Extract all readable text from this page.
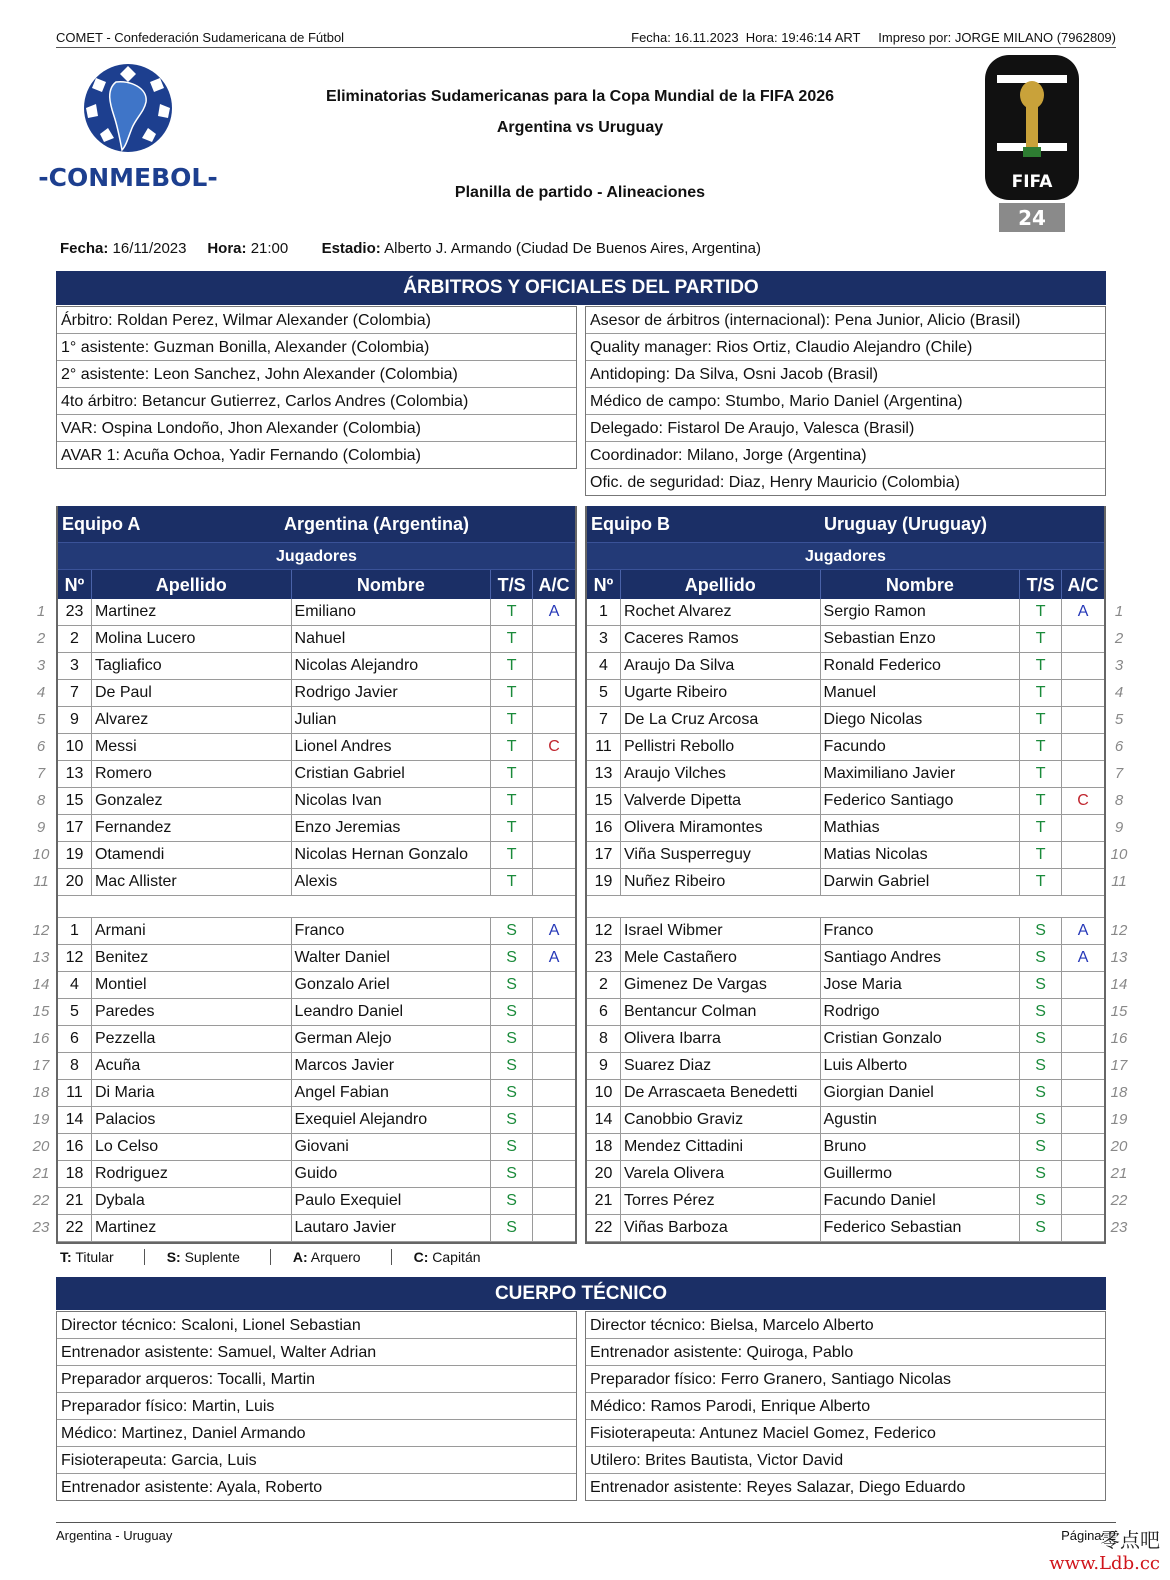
COMET - Confederación Sudamericana de Fútbol	Fecha: 16.11.2023  Hora: 19:46:14 ART     Impreso por: JORGE MILANO (7962809)
-CONMEBOL-	FIFA
24
Eliminatorias Sudamericanas para la Copa Mundial de la FIFA 2026
Argentina vs Uruguay
Planilla de partido - Alineaciones
Fecha: 16/11/2023 Hora: 21:00 Estadio: Alberto J. Armando (Ciudad De Buenos Aires, Argentina)
ÁRBITROS Y OFICIALES DEL PARTIDO
Árbitro: Roldan Perez, Wilmar Alexander (Colombia)
1° asistente: Guzman Bonilla, Alexander (Colombia)
2° asistente: Leon Sanchez, John Alexander (Colombia)
4to árbitro: Betancur Gutierrez, Carlos Andres (Colombia)
VAR: Ospina Londoño, Jhon Alexander (Colombia)
AVAR 1: Acuña Ochoa, Yadir Fernando (Colombia)
Asesor de árbitros (internacional): Pena Junior, Alicio (Brasil)
Quality manager: Rios Ortiz, Claudio Alejandro (Chile)
Antidoping: Da Silva, Osni Jacob (Brasil)
Médico de campo: Stumbo, Mario Daniel (Argentina)
Delegado: Fistarol De Araujo, Valesca (Brasil)
Coordinador: Milano, Jorge (Argentina)
Ofic. de seguridad: Diaz, Henry Mauricio (Colombia)
Equipo A	Argentina (Argentina)
Jugadores
Nº	Apellido	Nombre	T/S A/C
23 Martinez	Emiliano	T	A
2	Molina Lucero	Nahuel	T
3	Tagliafico	Nicolas Alejandro	T
7	De Paul	Rodrigo Javier	T
9	Alvarez	Julian	T
10 Messi	Lionel Andres	T	C
13 Romero	Cristian Gabriel	T
15 Gonzalez	Nicolas Ivan	T
17 Fernandez	Enzo Jeremias	T
19 Otamendi	Nicolas Hernan Gonzalo	T
20 Mac Allister	Alexis	T
1	Armani	Franco	S	A
12 Benitez	Walter Daniel	S	A
4	Montiel	Gonzalo Ariel	S
5	Paredes	Leandro Daniel	S
6	Pezzella	German Alejo	S
8	Acuña	Marcos Javier	S
11 Di Maria	Angel Fabian	S
14 Palacios	Exequiel Alejandro	S
16 Lo Celso	Giovani	S
18 Rodriguez	Guido	S
21 Dybala	Paulo Exequiel	S
22 Martinez	Lautaro Javier	S
Equipo B	Uruguay (Uruguay)
Jugadores
Nº	Apellido	Nombre	T/S A/C
1	Rochet Alvarez	Sergio Ramon	T	A
3	Caceres Ramos	Sebastian Enzo	T
4	Araujo Da Silva	Ronald Federico	T
5	Ugarte Ribeiro	Manuel	T
7	De La Cruz Arcosa	Diego Nicolas	T
11 Pellistri Rebollo	Facundo	T
13 Araujo Vilches	Maximiliano Javier	T
15 Valverde Dipetta	Federico Santiago	T	C
16 Olivera Miramontes	Mathias	T
17 Viña Susperreguy	Matias Nicolas	T
19 Nuñez Ribeiro	Darwin Gabriel	T
12 Israel Wibmer	Franco	S	A
23 Mele Castañero	Santiago Andres	S	A
2	Gimenez De Vargas	Jose Maria	S
6	Bentancur Colman	Rodrigo	S
8	Olivera Ibarra	Cristian Gonzalo	S
9	Suarez Diaz	Luis Alberto	S
10 De Arrascaeta Benedetti	Giorgian Daniel	S
14 Canobbio Graviz	Agustin	S
18 Mendez Cittadini	Bruno	S
20 Varela Olivera	Guillermo	S
21 Torres Pérez	Facundo Daniel	S
22 Viñas Barboza	Federico Sebastian	S
1
2
3
4
5
6
7
8
9
10
11
12
13
14
15
16
17
18
19
20
21
22
23
1
2
3
4
5
6
7
8
9
10
11
12
13
14
15
16
17
18
19
20
21
22
23
T: Titular	S: Suplente	A: Arquero	C: Capitán
CUERPO TÉCNICO
Director técnico: Scaloni, Lionel Sebastian
Entrenador asistente: Samuel, Walter Adrian
Preparador arqueros: Tocalli, Martin
Preparador físico: Martin, Luis
Médico: Martinez, Daniel Armando
Fisioterapeuta: Garcia, Luis
Entrenador asistente: Ayala, Roberto
Director técnico: Bielsa, Marcelo Alberto
Entrenador asistente: Quiroga, Pablo
Preparador físico: Ferro Granero, Santiago Nicolas
Médico: Ramos Parodi, Enrique Alberto
Fisioterapeuta: Antunez Maciel Gomez, Federico
Utilero: Brites Bautista, Victor David
Entrenador asistente: Reyes Salazar, Diego Eduardo
Argentina - Uruguay	Página: 2
零点吧
www.Ldb.cc
